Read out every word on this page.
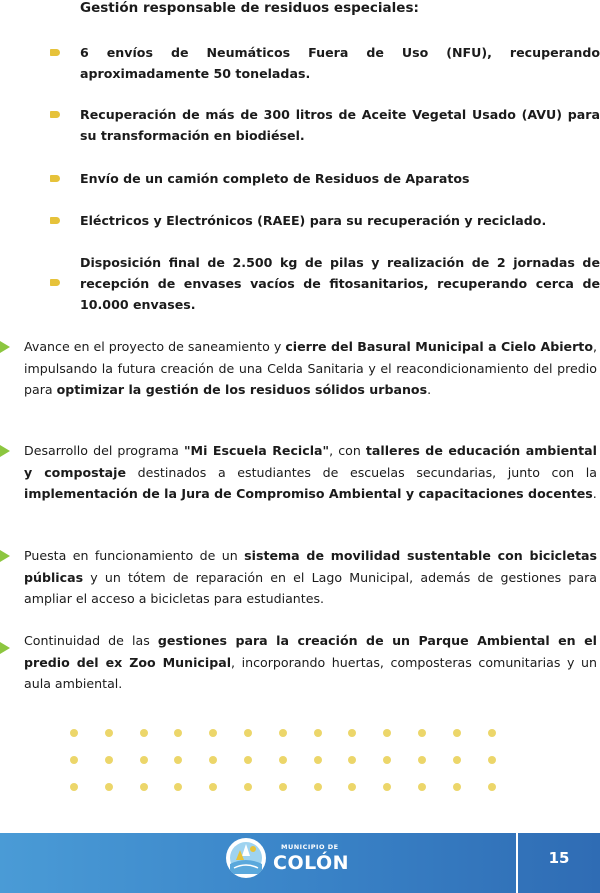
Gestión responsable de residuos especiales:
6 envíos de Neumáticos Fuera de Uso (NFU), recuperando aproximadamente 50 toneladas.
Recuperación de más de 300 litros de Aceite Vegetal Usado (AVU) para su transformación en biodiésel.
Envío de un camión completo de Residuos de Aparatos
Eléctricos y Electrónicos (RAEE) para su recuperación y reciclado.
Disposición final de 2.500 kg de pilas y realización de 2 jornadas de recepción de envases vacíos de fitosanitarios, recuperando cerca de 10.000 envases.
Avance en el proyecto de saneamiento y cierre del Basural Municipal a Cielo Abierto, impulsando la futura creación de una Celda Sanitaria y el reacondicionamiento del predio para optimizar la gestión de los residuos sólidos urbanos.
Desarrollo del programa "Mi Escuela Recicla", con talleres de educación ambiental y compostaje destinados a estudiantes de escuelas secundarias, junto con la implementación de la Jura de Compromiso Ambiental y capacitaciones docentes.
Puesta en funcionamiento de un sistema de movilidad sustentable con bicicletas públicas y un tótem de reparación en el Lago Municipal, además de gestiones para ampliar el acceso a bicicletas para estudiantes.
Continuidad de las gestiones para la creación de un Parque Ambiental en el predio del ex Zoo Municipal, incorporando huertas, composteras comunitarias y un aula ambiental.
MUNICIPIO DE
COLÓN	15
